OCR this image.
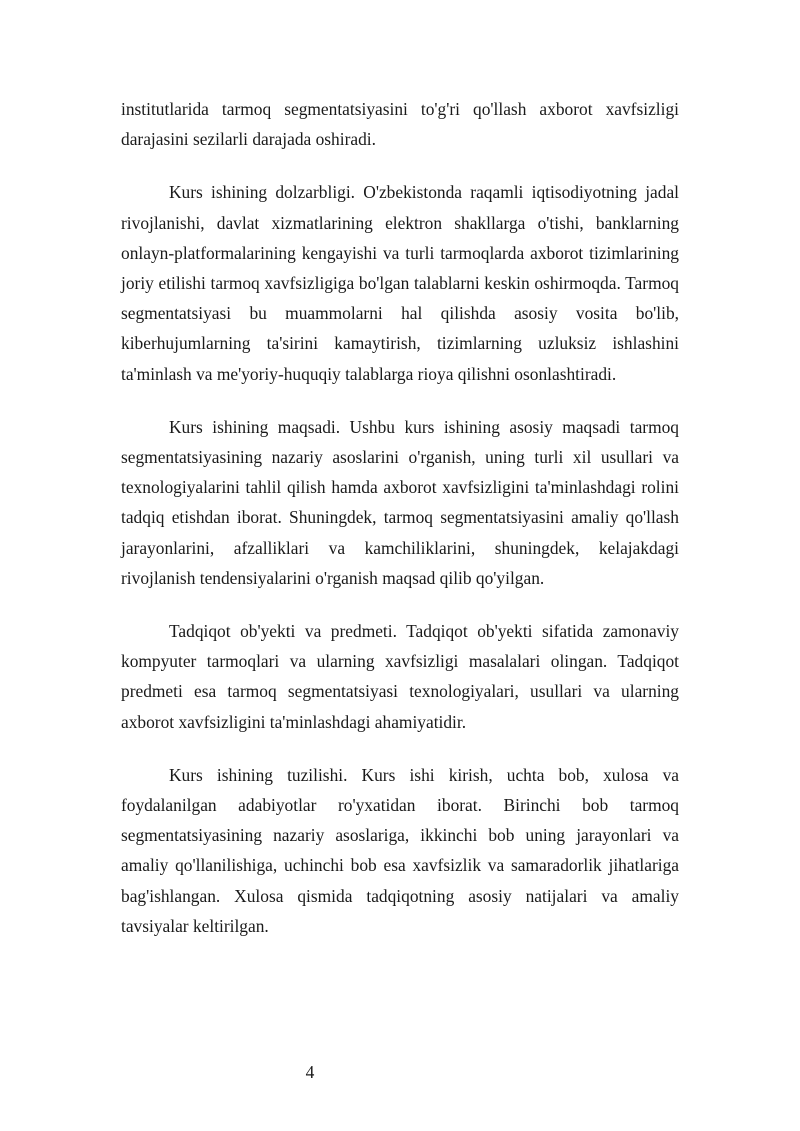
institutlarida tarmoq segmentatsiyasini to'g'ri qo'llash axborot xavfsizligi darajasini sezilarli darajada oshiradi.

Kurs ishining dolzarbligi. O'zbekistonda raqamli iqtisodiyotning jadal rivojlanishi, davlat xizmatlarining elektron shakllarga o'tishi, banklarning onlayn-platformalarining kengayishi va turli tarmoqlarda axborot tizimlarining joriy etilishi tarmoq xavfsizligiga bo'lgan talablarni keskin oshirmoqda. Tarmoq segmentatsiyasi bu muammolarni hal qilishda asosiy vosita bo'lib, kiberhujumlarning ta'sirini kamaytirish, tizimlarning uzluksiz ishlashini ta'minlash va me'yoriy-huquqiy talablarga rioya qilishni osonlashtiradi.

Kurs ishining maqsadi. Ushbu kurs ishining asosiy maqsadi tarmoq segmentatsiyasining nazariy asoslarini o'rganish, uning turli xil usullari va texnologiyalarini tahlil qilish hamda axborot xavfsizligini ta'minlashdagi rolini tadqiq etishdan iborat. Shuningdek, tarmoq segmentatsiyasini amaliy qo'llash jarayonlarini, afzalliklari va kamchiliklarini, shuningdek, kelajakdagi rivojlanish tendensiyalarini o'rganish maqsad qilib qo'yilgan.

Tadqiqot ob'yekti va predmeti. Tadqiqot ob'yekti sifatida zamonaviy kompyuter tarmoqlari va ularning xavfsizligi masalalari olingan. Tadqiqot predmeti esa tarmoq segmentatsiyasi texnologiyalari, usullari va ularning axborot xavfsizligini ta'minlashdagi ahamiyatidir.

Kurs ishining tuzilishi. Kurs ishi kirish, uchta bob, xulosa va foydalanilgan adabiyotlar ro'yxatidan iborat. Birinchi bob tarmoq segmentatsiyasining nazariy asoslariga, ikkinchi bob uning jarayonlari va amaliy qo'llanilishiga, uchinchi bob esa xavfsizlik va samaradorlik jihatlariga bag'ishlangan. Xulosa qismida tadqiqotning asosiy natijalari va amaliy tavsiyalar keltirilgan.

4
